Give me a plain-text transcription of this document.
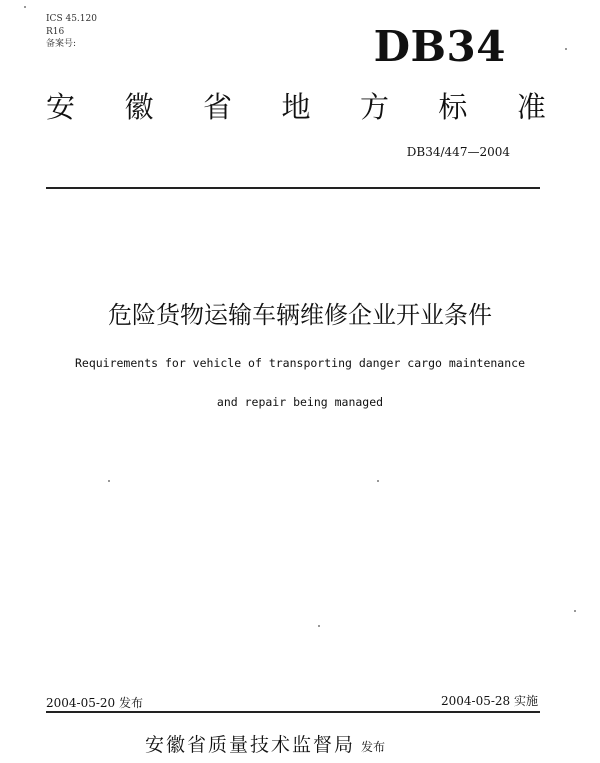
ICS 45.120
R16
备案号:	DB34
安 徽 省 地 方 标 准
DB34/447—2004
危险货物运输车辆维修企业开业条件
Requirements for vehicle of transporting danger cargo maintenance
and repair being managed
2004-05-20 发布	2004-05-28 实施
安徽省质量技术监督局 发布
